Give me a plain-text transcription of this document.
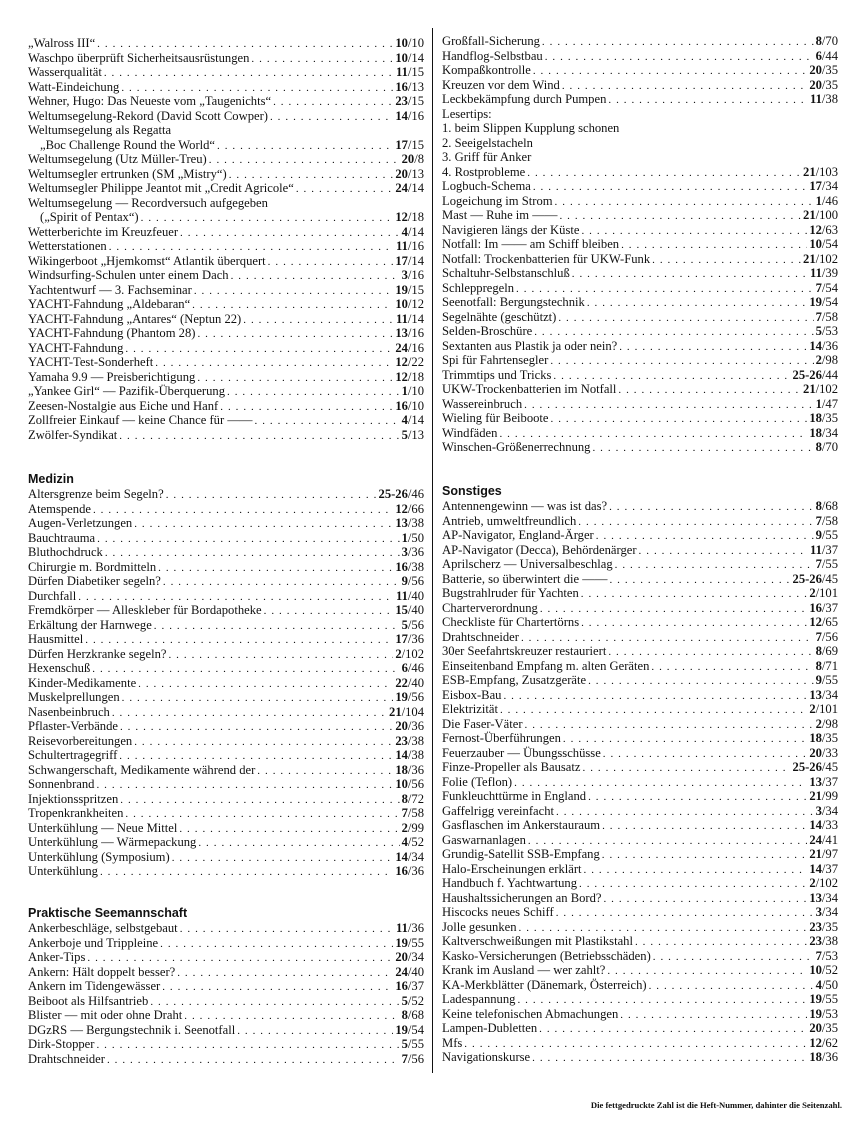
„Walross III“ . . .	10/10
Waschpo überprüft Sicherheitsausrüstungen . . .	10/14
Wasserqualität . . .	11/15
Watt-Eindeichung . . .	16/13
Wehner, Hugo: Das Neueste vom „Taugenichts“ . . .	23/15
Weltumsegelung-Rekord (David Scott Cowper) . . .	14/16
Weltumsegelung als Regatta
„Boc Challenge Round the World“ . . .	17/15
Weltumsegelung (Utz Müller-Treu) . . .	20/8
Weltumsegler ertrunken (SM „Mistry“) . . .	20/13
Weltumsegler Philippe Jeantot mit „Credit Agricole“ . . .	24/14
Weltumsegelung — Recordversuch aufgegeben
(„Spirit of Pentax“) . . .	12/18
Wetterberichte im Kreuzfeuer . . .	4/14
Wetterstationen . . .	11/16
Wikingerboot „Hjemkomst“ Atlantik überquert . . .	17/14
Windsurfing-Schulen unter einem Dach . . .	3/16
Yachtentwurf — 3. Fachseminar . . .	19/15
YACHT-Fahndung „Aldebaran“ . . .	10/12
YACHT-Fahndung „Antares“ (Neptun 22) . . .	11/14
YACHT-Fahndung (Phantom 28) . . .	13/16
YACHT-Fahndung . . .	24/16
YACHT-Test-Sonderheft . . .	12/22
Yamaha 9.9 — Preisberichtigung . . .	12/18
„Yankee Girl“ — Pazifik-Überquerung . . .	1/10
Zeesen-Nostalgie aus Eiche und Hanf . . .	16/10
Zollfreier Einkauf — keine Chance für —— . . .	4/14
Zwölfer-Syndikat . . .	5/13
Medizin
Altersgrenze beim Segeln? . . .	25-26/46
Atemspende . . .	12/66
Augen-Verletzungen . . .	13/38
Bauchtrauma . . .	1/50
Bluthochdruck . . .	3/36
Chirurgie m. Bordmitteln . . .	16/38
Dürfen Diabetiker segeln? . . .	9/56
Durchfall . . .	11/40
Fremdkörper — Alleskleber für Bordapotheke . . .	15/40
Erkältung der Harnwege . . .	5/56
Hausmittel . . .	17/36
Dürfen Herzkranke segeln? . . .	2/102
Hexenschuß . . .	6/46
Kinder-Medikamente . . .	22/40
Muskelprellungen . . .	19/56
Nasenbeinbruch . . .	21/104
Pflaster-Verbände . . .	20/36
Reisevorbereitungen . . .	23/38
Schultertragegriff . . .	14/38
Schwangerschaft, Medikamente während der . . .	18/36
Sonnenbrand . . .	10/56
Injektionsspritzen . . .	8/72
Tropenkrankheiten . . .	7/58
Unterkühlung — Neue Mittel . . .	2/99
Unterkühlung — Wärmepackung . . .	4/52
Unterkühlung (Symposium) . . .	14/34
Unterkühlung . . .	16/36
Praktische Seemannschaft
Ankerbeschläge, selbstgebaut . . .	11/36
Ankerboje und Trippleine . . .	19/55
Anker-Tips . . .	20/34
Ankern: Hält doppelt besser? . . .	24/40
Ankern im Tidengewässer . . .	16/37
Beiboot als Hilfsantrieb . . .	5/52
Blister — mit oder ohne Draht . . .	8/68
DGzRS — Bergungstechnik i. Seenotfall . . .	19/54
Dirk-Stopper . . .	5/55
Drahtschneider . . .	7/56
Großfall-Sicherung . . .	8/70
Handflog-Selbstbau . . .	6/44
Kompaßkontrolle . . .	20/35
Kreuzen vor dem Wind . . .	20/35
Leckbekämpfung durch Pumpen . . .	11/38
Lesertips:
1. beim Slippen Kupplung schonen
2. Seeigelstacheln
3. Griff für Anker
4. Rostprobleme . . .	21/103
Logbuch-Schema . . .	17/34
Logeichung im Strom . . .	1/46
Mast — Ruhe im —— . . .	21/100
Navigieren längs der Küste . . .	12/63
Notfall: Im —— am Schiff bleiben . . .	10/54
Notfall: Trockenbatterien für UKW-Funk . . .	21/102
Schaltuhr-Selbstanschluß . . .	11/39
Schleppregeln . . .	7/54
Seenotfall: Bergungstechnik . . .	19/54
Segelnähte (geschützt) . . .	7/58
Selden-Broschüre . . .	5/53
Sextanten aus Plastik ja oder nein? . . .	14/36
Spi für Fahrtensegler . . .	2/98
Trimmtips und Tricks . . .	25-26/44
UKW-Trockenbatterien im Notfall . . .	21/102
Wassereinbruch . . .	1/47
Wieling für Beiboote . . .	18/35
Windfäden . . .	18/34
Winschen-Größenerrechnung . . .	8/70
Sonstiges
Antennengewinn — was ist das? . . .	8/68
Antrieb, umweltfreundlich . . .	7/58
AP-Navigator, England-Ärger . . .	9/55
AP-Navigator (Decca), Behördenärger . . .	11/37
Aprilscherz — Universalbeschlag . . .	7/55
Batterie, so überwintert die —— . . .	25-26/45
Bugstrahlruder für Yachten . . .	2/101
Charterverordnung . . .	16/37
Checkliste für Chartertörns . . .	12/65
Drahtschneider . . .	7/56
30er Seefahrtskreuzer restauriert . . .	8/69
Einseitenband Empfang m. alten Geräten . . .	8/71
ESB-Empfang, Zusatzgeräte . . .	9/55
Eisbox-Bau . . .	13/34
Elektrizität . . .	2/101
Die Faser-Väter . . .	2/98
Fernost-Überführungen . . .	18/35
Feuerzauber — Übungsschüsse . . .	20/33
Finze-Propeller als Bausatz . . .	25-26/45
Folie (Teflon) . . .	13/37
Funkleuchttürme in England . . .	21/99
Gaffelrigg vereinfacht . . .	3/34
Gasflaschen im Ankerstauraum . . .	14/33
Gaswarnanlagen . . .	24/41
Grundig-Satellit SSB-Empfang . . .	21/97
Halo-Erscheinungen erklärt . . .	14/37
Handbuch f. Yachtwartung . . .	2/102
Haushaltssicherungen an Bord? . . .	13/34
Hiscocks neues Schiff . . .	3/34
Jolle gesunken . . .	23/35
Kaltverschweißungen mit Plastikstahl . . .	23/38
Kasko-Versicherungen (Betriebsschäden) . . .	7/53
Krank im Ausland — wer zahlt? . . .	10/52
KA-Merkblätter (Dänemark, Österreich) . . .	4/50
Ladespannung . . .	19/55
Keine telefonischen Abmachungen . . .	19/53
Lampen-Dubletten . . .	20/35
Mfs . . .	12/62
Navigationskurse . . .	18/36
Die fettgedruckte Zahl ist die Heft-Nummer, dahinter die Seitenzahl.
